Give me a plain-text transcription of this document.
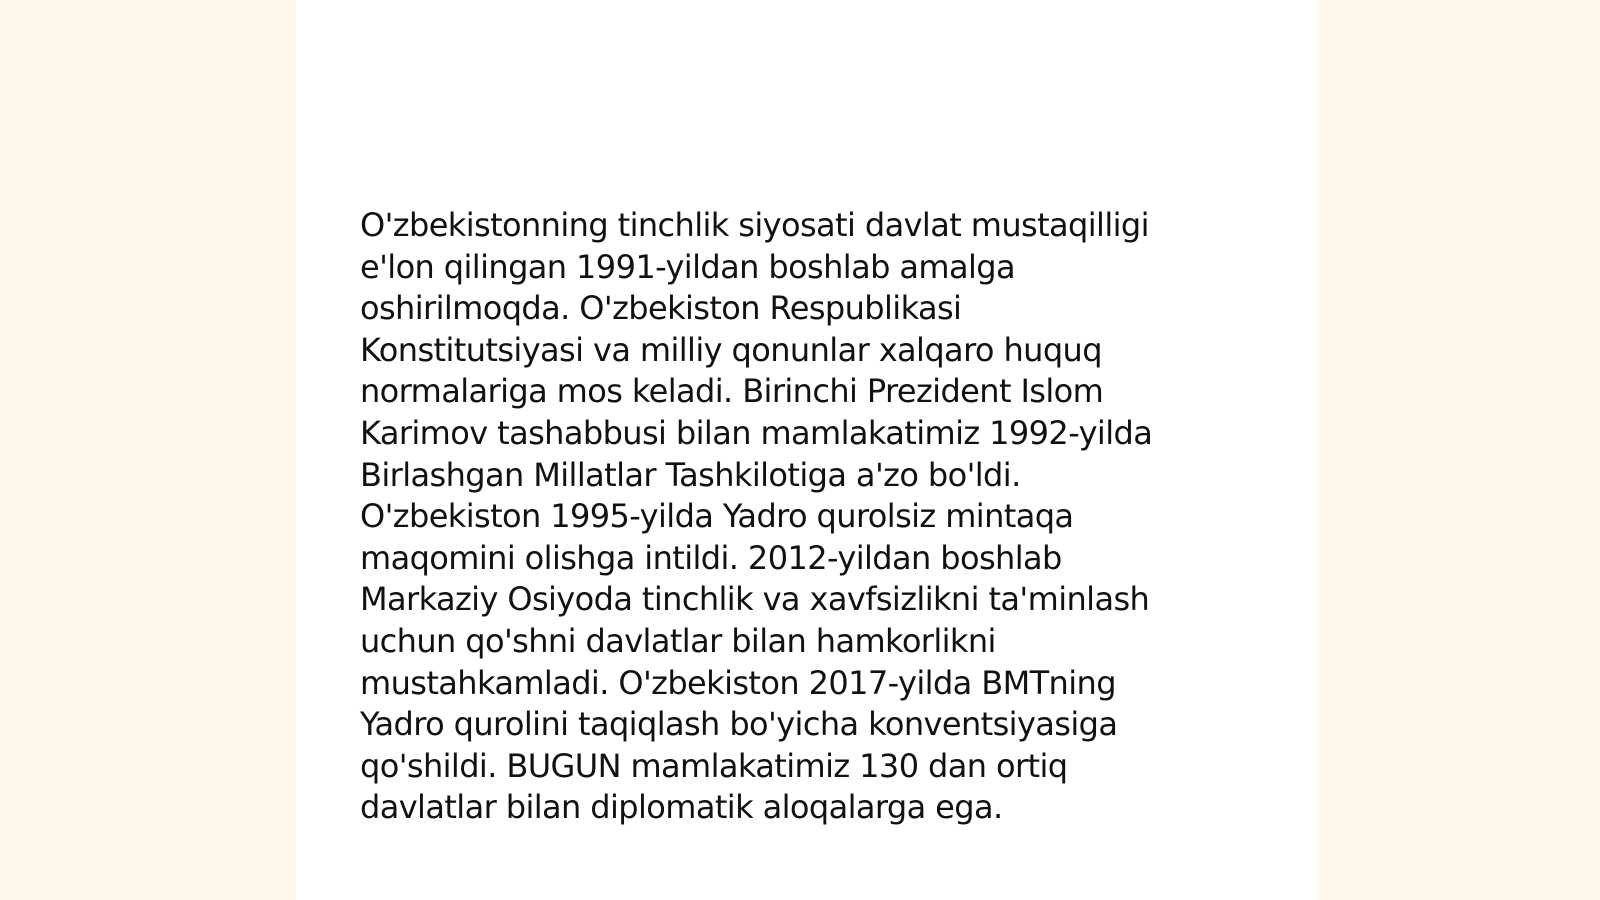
O'zbekistonning tinchlik siyosati davlat mustaqilligi
e'lon qilingan 1991-yildan boshlab amalga
oshirilmoqda. O'zbekiston Respublikasi
Konstitutsiyasi va milliy qonunlar xalqaro huquq
normalariga mos keladi. Birinchi Prezident Islom
Karimov tashabbusi bilan mamlakatimiz 1992-yilda
Birlashgan Millatlar Tashkilotiga a'zo bo'ldi.
O'zbekiston 1995-yilda Yadro qurolsiz mintaqa
maqomini olishga intildi. 2012-yildan boshlab
Markaziy Osiyoda tinchlik va xavfsizlikni ta'minlash
uchun qo'shni davlatlar bilan hamkorlikni
mustahkamladi. O'zbekiston 2017-yilda BMTning
Yadro qurolini taqiqlash bo'yicha konventsiyasiga
qo'shildi. BUGUN mamlakatimiz 130 dan ortiq
davlatlar bilan diplomatik aloqalarga ega.
